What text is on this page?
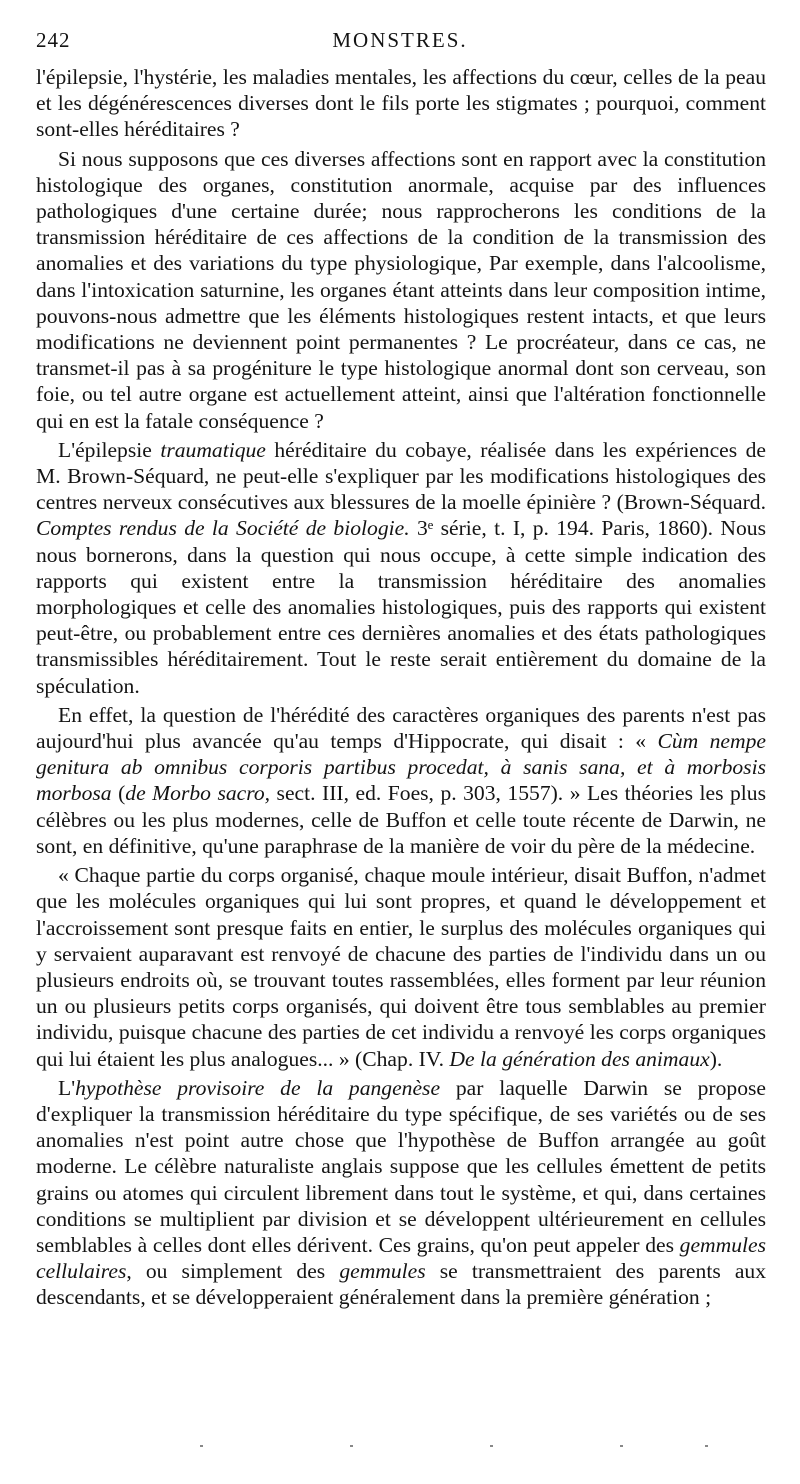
242	MONSTRES.

l'épilepsie, l'hystérie, les maladies mentales, les affections du cœur, celles de la peau et les dégénérescences diverses dont le fils porte les stigmates ; pourquoi, comment sont-elles héréditaires ?

Si nous supposons que ces diverses affections sont en rapport avec la constitution histologique des organes, constitution anormale, acquise par des influences pathologiques d'une certaine durée; nous rapprocherons les conditions de la transmission héréditaire de ces affections de la condition de la transmission des anomalies et des variations du type physiologique, Par exemple, dans l'alcoolisme, dans l'intoxication saturnine, les organes étant atteints dans leur composition intime, pouvons-nous admettre que les éléments histologiques restent intacts, et que leurs modifications ne deviennent point permanentes ? Le procréateur, dans ce cas, ne transmet-il pas à sa progéniture le type histologique anormal dont son cerveau, son foie, ou tel autre organe est actuellement atteint, ainsi que l'altération fonctionnelle qui en est la fatale conséquence ?

L'épilepsie traumatique héréditaire du cobaye, réalisée dans les expériences de M. Brown-Séquard, ne peut-elle s'expliquer par les modifications histologiques des centres nerveux consécutives aux blessures de la moelle épinière ? (Brown-Séquard. Comptes rendus de la Société de biologie. 3ᵉ série, t. I, p. 194. Paris, 1860). Nous nous bornerons, dans la question qui nous occupe, à cette simple indication des rapports qui existent entre la transmission héréditaire des anomalies morphologiques et celle des anomalies histologiques, puis des rapports qui existent peut-être, ou probablement entre ces dernières anomalies et des états pathologiques transmissibles héréditairement. Tout le reste serait entièrement du domaine de la spéculation.

En effet, la question de l'hérédité des caractères organiques des parents n'est pas aujourd'hui plus avancée qu'au temps d'Hippocrate, qui disait : « Cùm nempe genitura ab omnibus corporis partibus procedat, à sanis sana, et à morbosis morbosa (de Morbo sacro, sect. III, ed. Foes, p. 303, 1557). » Les théories les plus célèbres ou les plus modernes, celle de Buffon et celle toute récente de Darwin, ne sont, en définitive, qu'une paraphrase de la manière de voir du père de la médecine.

« Chaque partie du corps organisé, chaque moule intérieur, disait Buffon, n'admet que les molécules organiques qui lui sont propres, et quand le développement et l'accroissement sont presque faits en entier, le surplus des molécules organiques qui y servaient auparavant est renvoyé de chacune des parties de l'individu dans un ou plusieurs endroits où, se trouvant toutes rassemblées, elles forment par leur réunion un ou plusieurs petits corps organisés, qui doivent être tous semblables au premier individu, puisque chacune des parties de cet individu a renvoyé les corps organiques qui lui étaient les plus analogues... » (Chap. IV. De la génération des animaux).

L'hypothèse provisoire de la pangenèse par laquelle Darwin se propose d'expliquer la transmission héréditaire du type spécifique, de ses variétés ou de ses anomalies n'est point autre chose que l'hypothèse de Buffon arrangée au goût moderne. Le célèbre naturaliste anglais suppose que les cellules émettent de petits grains ou atomes qui circulent librement dans tout le système, et qui, dans certaines conditions se multiplient par division et se développent ultérieurement en cellules semblables à celles dont elles dérivent. Ces grains, qu'on peut appeler des gemmules cellulaires, ou simplement des gemmules se transmettraient des parents aux descendants, et se développeraient généralement dans la première génération ;
